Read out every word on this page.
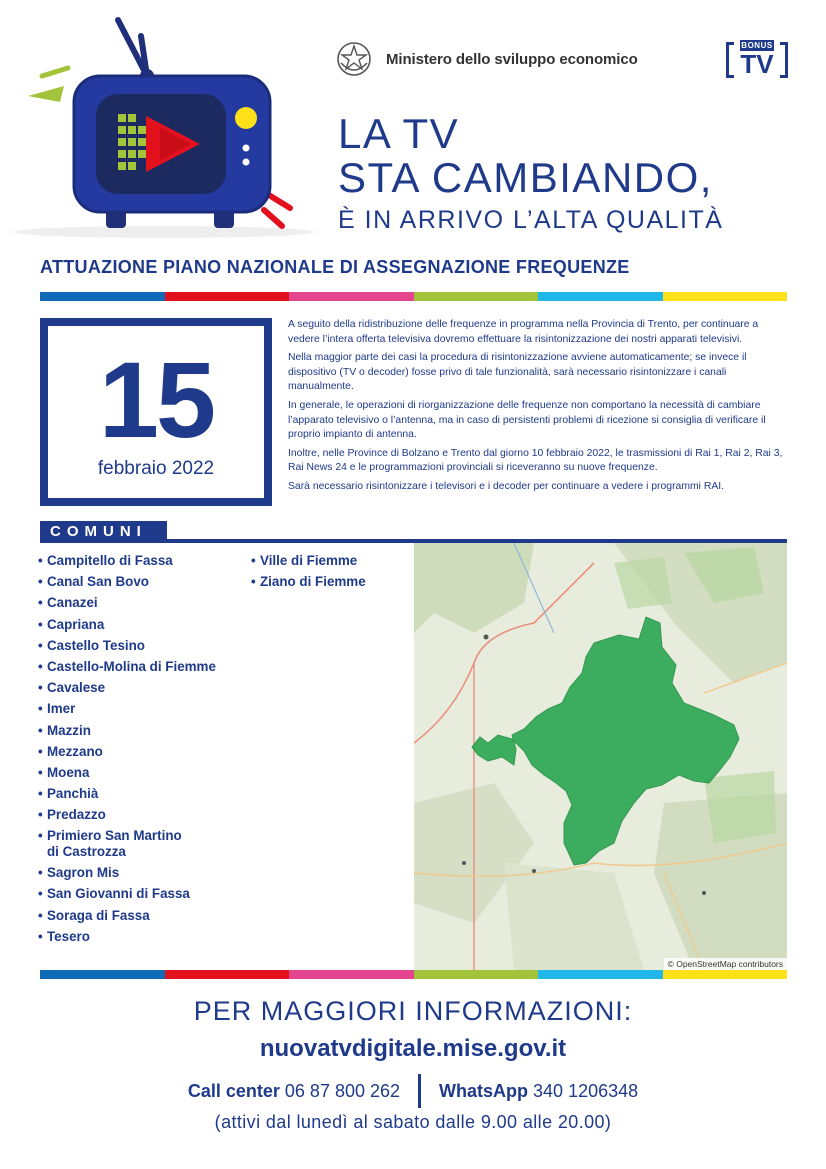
Ministero dello sviluppo economico
BONUS
TV
LA TV
STA CAMBIANDO,
È IN ARRIVO L’ALTA QUALITÀ
ATTUAZIONE PIANO NAZIONALE DI ASSEGNAZIONE FREQUENZE
15
febbraio 2022

A seguito della ridistribuzione delle frequenze in programma nella Provincia di Trento, per continuare a vedere l’intera offerta televisiva dovremo effettuare la risintonizzazione dei nostri apparati televisivi.

Nella maggior parte dei casi la procedura di risintonizzazione avviene automaticamente; se invece il dispositivo (TV o decoder) fosse privo di tale funzionalità, sarà necessario risintonizzare i canali manualmente.

In generale, le operazioni di riorganizzazione delle frequenze non comportano la necessità di cambiare l’apparato televisivo o l’antenna, ma in caso di persistenti problemi di ricezione si consiglia di verificare il proprio impianto di antenna.

Inoltre, nelle Province di Bolzano e Trento dal giorno 10 febbraio 2022, le trasmissioni di Rai 1, Rai 2, Rai 3, Rai News 24 e le programmazioni provinciali si riceveranno su nuove frequenze.

Sarà necessario risintonizzare i televisori e i decoder per continuare a vedere i programmi RAI.

COMUNI
• Campitello di Fassa
• Canal San Bovo
• Canazei
• Capriana
• Castello Tesino
• Castello-Molina di Fiemme
• Cavalese
• Imer
• Mazzin
• Mezzano
• Moena
• Panchià
• Predazzo
• Primiero San Martino
di Castrozza
• Sagron Mis
• San Giovanni di Fassa
• Soraga di Fassa
• Tesero
• Ville di Fiemme
• Ziano di Fiemme
© OpenStreetMap contributors
PER MAGGIORI INFORMAZIONI:
nuovatvdigitale.mise.gov.it
Call center 06 87 800 262 WhatsApp 340 1206348
(attivi dal lunedì al sabato dalle 9.00 alle 20.00)
